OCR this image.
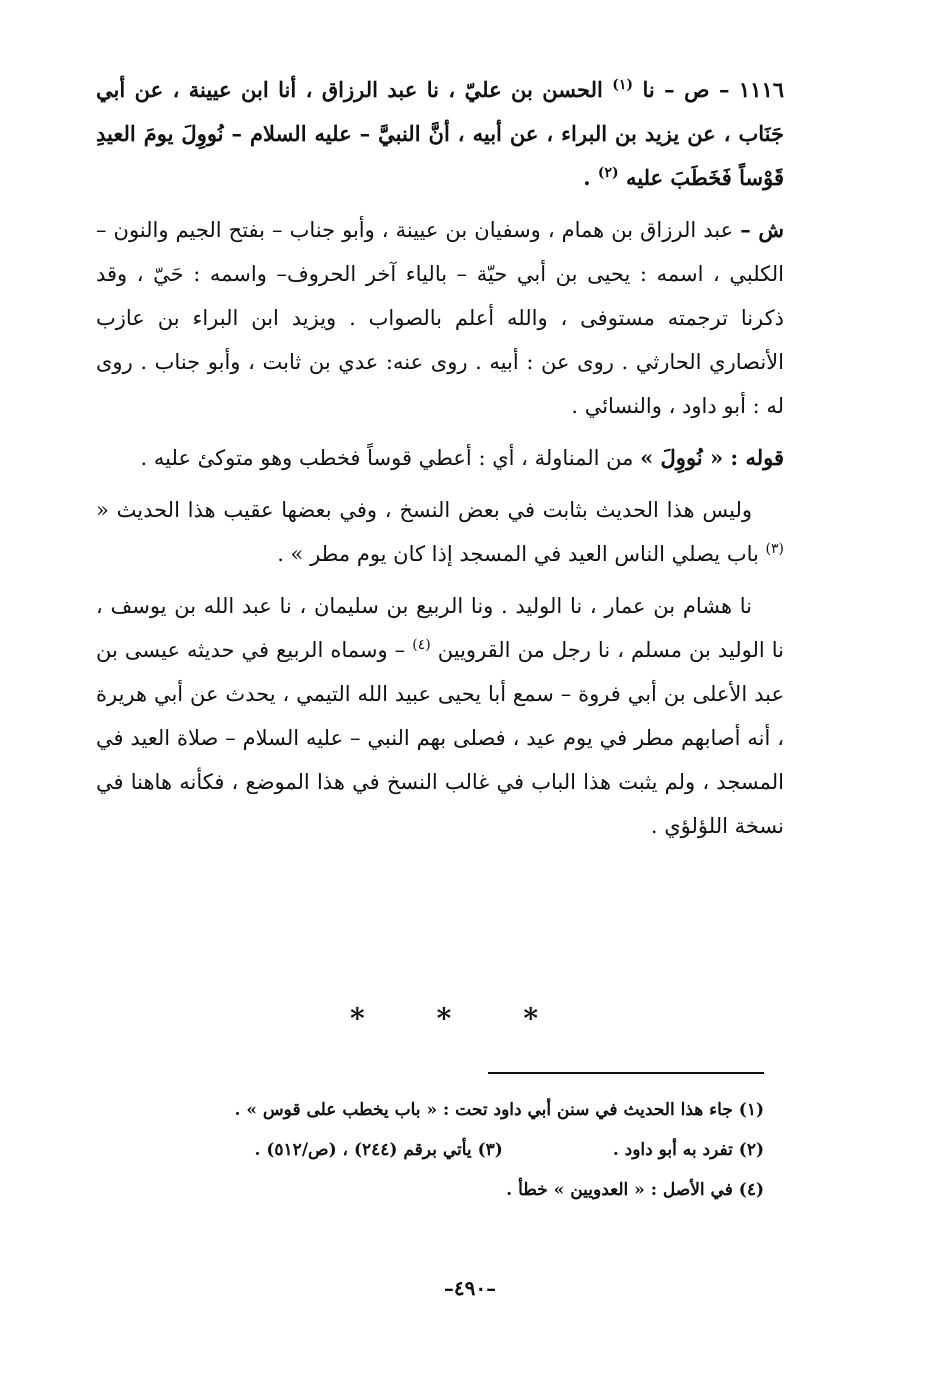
١١١٦ – ص – نا $^{(١)}$ الحسن بن عليّ ، نا عبد الرزاق ، أنا ابن عيينة ، عن أبي جَنَاب ، عن يزيد بن البراء ، عن أبيه ، أنَّ النبيَّ – عليه السلام – نُووِلَ يومَ العيدِ قَوْساً فَخَطَبَ عليه $^{(٢)}$ .

ش – عبد الرزاق بن همام ، وسفيان بن عيينة ، وأبو جناب – بفتح الجيم والنون – الكلبي ، اسمه : يحيى بن أبي حيّة – بالياء آخر الحروف– واسمه : حَيّ ، وقد ذكرنا ترجمته مستوفى ، والله أعلم بالصواب . ويزيد ابن البراء بن عازب الأنصاري الحارثي . روى عن : أبيه . روى عنه: عدي بن ثابت ، وأبو جناب . روى له : أبو داود ، والنسائي .

قوله : « نُووِلَ » من المناولة ، أي : أعطي قوساً فخطب وهو متوكئ عليه .

وليس هذا الحديث بثابت في بعض النسخ ، وفي بعضها عقيب هذا الحديث « $^{(٣)}$ باب يصلي الناس العيد في المسجد إذا كان يوم مطر » .

نا هشام بن عمار ، نا الوليد . ونا الربيع بن سليمان ، نا عبد الله بن يوسف ، نا الوليد بن مسلم ، نا رجل من القرويين $^{(٤)}$ – وسماه الربيع في حديثه عيسى بن عبد الأعلى بن أبي فروة – سمع أبا يحيى عبيد الله التيمي ، يحدث عن أبي هريرة ، أنه أصابهم مطر في يوم عيد ، فصلى بهم النبي – عليه السلام – صلاة العيد في المسجد ، ولم يثبت هذا الباب في غالب النسخ في هذا الموضع ، فكأنه هاهنا في نسخة اللؤلؤي .

* * *
(١) جاء هذا الحديث في سنن أبي داود تحت : « باب يخطب على قوس » .
(٢) تفرد به أبو داود .
(٣) يأتي برقم (٢٤٤) ، (ص/٥١٢) .
(٤) في الأصل : « العدويين » خطأ .
–٤٩٠–
